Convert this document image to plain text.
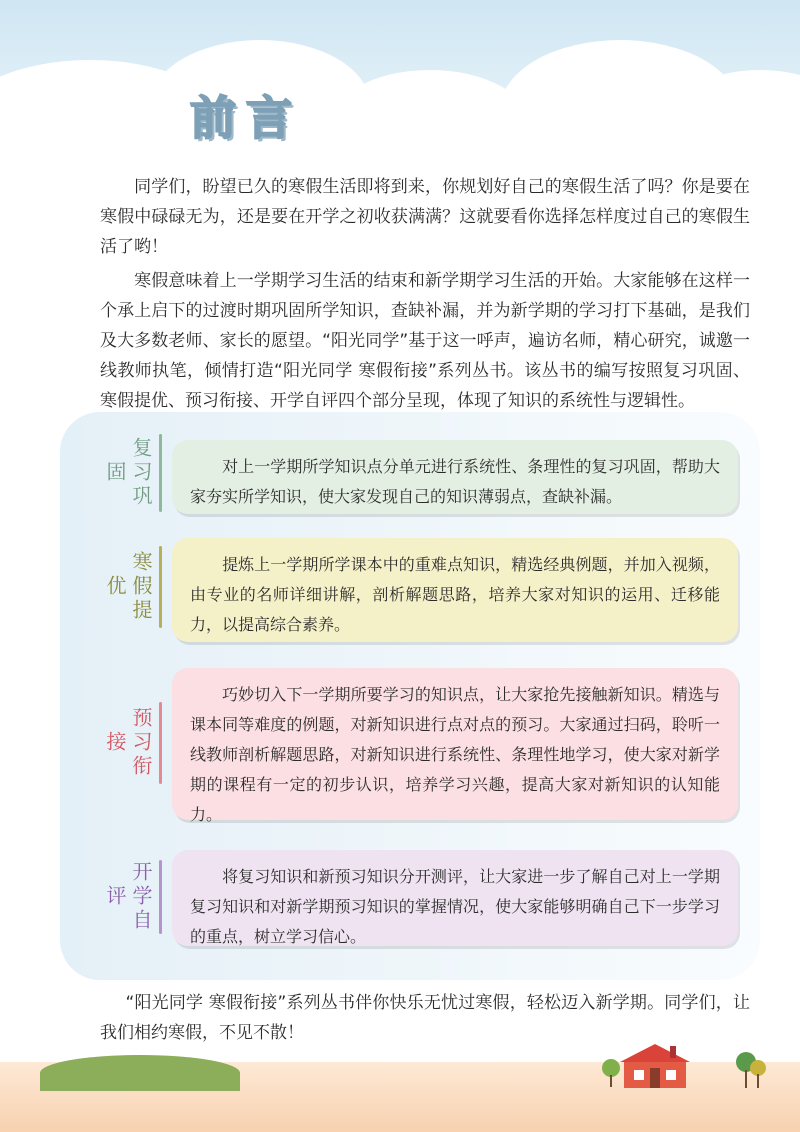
前言
同学们，盼望已久的寒假生活即将到来，你规划好自己的寒假生活了吗？你是要在寒假中碌碌无为，还是要在开学之初收获满满？这就要看你选择怎样度过自己的寒假生活了哟！
寒假意味着上一学期学习生活的结束和新学期学习生活的开始。大家能够在这样一个承上启下的过渡时期巩固所学知识，查缺补漏，并为新学期的学习打下基础，是我们及大多数老师、家长的愿望。“阳光同学”基于这一呼声，遍访名师，精心研究，诚邀一线教师执笔，倾情打造“阳光同学 寒假衔接”系列丛书。该丛书的编写按照复习巩固、寒假提优、预习衔接、开学自评四个部分呈现，体现了知识的系统性与逻辑性。
复习巩固	对上一学期所学知识点分单元进行系统性、条理性的复习巩固，帮助大家夯实所学知识，使大家发现自己的知识薄弱点，查缺补漏。
寒假提优
提炼上一学期所学课本中的重难点知识，精选经典例题，并加入视频，由专业的名师详细讲解，剖析解题思路，培养大家对知识的运用、迁移能力，以提高综合素养。
预习衔接
巧妙切入下一学期所要学习的知识点，让大家抢先接触新知识。精选与课本同等难度的例题，对新知识进行点对点的预习。大家通过扫码，聆听一线教师剖析解题思路，对新知识进行系统性、条理性地学习，使大家对新学期的课程有一定的初步认识，培养学习兴趣，提高大家对新知识的认知能力。
开学自评
将复习知识和新预习知识分开测评，让大家进一步了解自己对上一学期复习知识和对新学期预习知识的掌握情况，使大家能够明确自己下一步学习的重点，树立学习信心。
“阳光同学 寒假衔接”系列丛书伴你快乐无忧过寒假，轻松迈入新学期。同学们，让我们相约寒假，不见不散！
